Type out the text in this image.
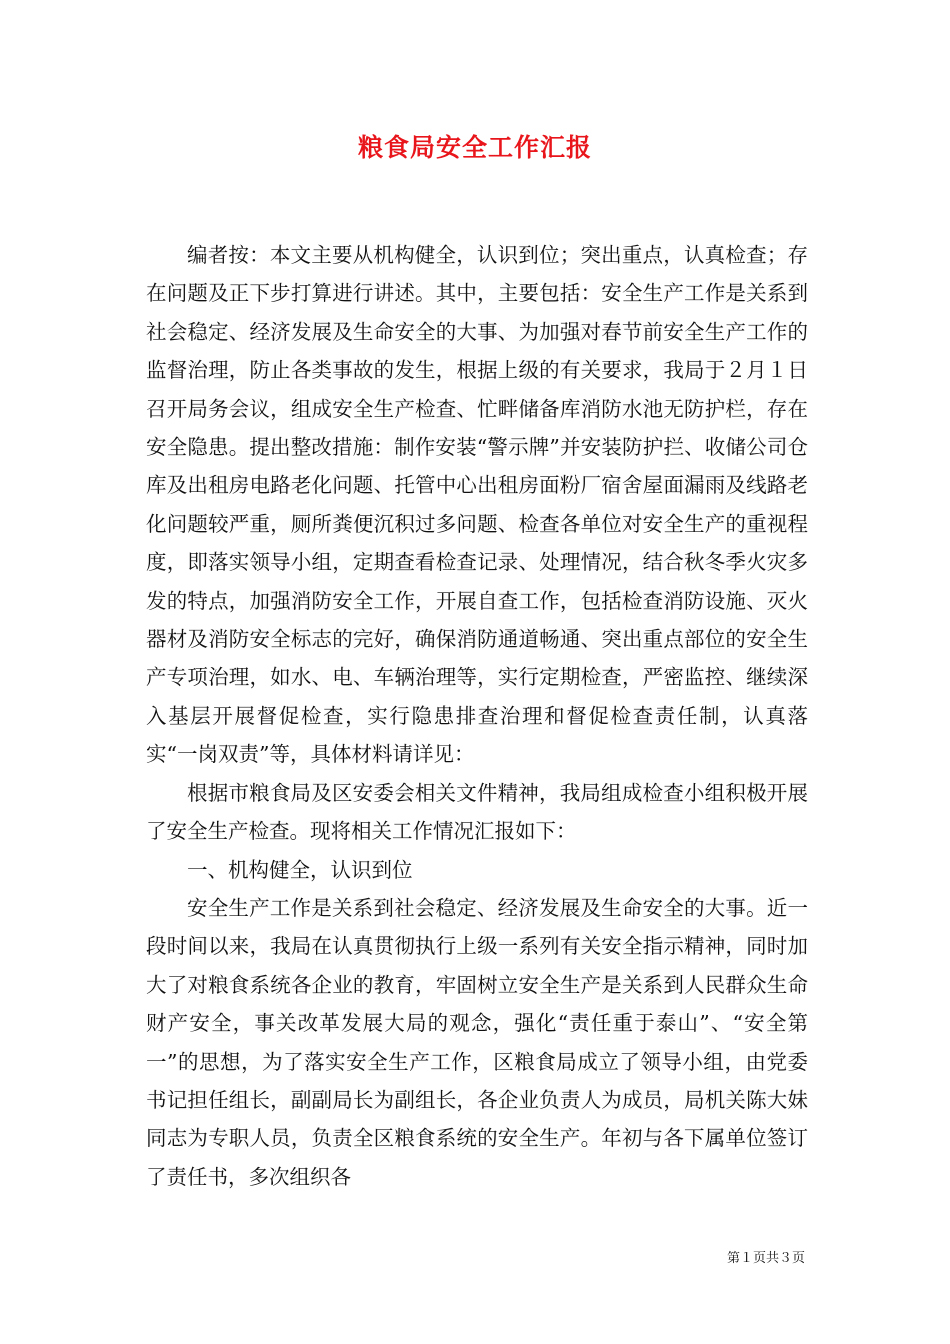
粮食局安全工作汇报

编者按：本文主要从机构健全，认识到位；突出重点，认真检查；存在问题及正下步打算进行讲述。其中，主要包括：安全生产工作是关系到社会稳定、经济发展及生命安全的大事、为加强对春节前安全生产工作的监督治理，防止各类事故的发生，根据上级的有关要求，我局于２月１日召开局务会议，组成安全生产检查、忙畔储备库消防水池无防护栏，存在安全隐患。提出整改措施：制作安装“警示牌”并安装防护拦、收储公司仓库及出租房电路老化问题、托管中心出租房面粉厂宿舍屋面漏雨及线路老化问题较严重，厕所粪便沉积过多问题、检查各单位对安全生产的重视程度，即落实领导小组，定期查看检查记录、处理情况，结合秋冬季火灾多发的特点，加强消防安全工作，开展自查工作，包括检查消防设施、灭火器材及消防安全标志的完好，确保消防通道畅通、突出重点部位的安全生产专项治理，如水、电、车辆治理等，实行定期检查，严密监控、继续深入基层开展督促检查，实行隐患排查治理和督促检查责任制，认真落实“一岗双责”等，具体材料请详见：

根据市粮食局及区安委会相关文件精神，我局组成检查小组积极开展了安全生产检查。现将相关工作情况汇报如下：

一、机构健全，认识到位

安全生产工作是关系到社会稳定、经济发展及生命安全的大事。近一段时间以来，我局在认真贯彻执行上级一系列有关安全指示精神，同时加大了对粮食系统各企业的教育，牢固树立安全生产是关系到人民群众生命财产安全，事关改革发展大局的观念，强化“责任重于泰山”、“安全第一”的思想，为了落实安全生产工作，区粮食局成立了领导小组，由党委书记担任组长，副副局长为副组长，各企业负责人为成员，局机关陈大妹同志为专职人员，负责全区粮食系统的安全生产。年初与各下属单位签订了责任书，多次组织各

第１页共３页
